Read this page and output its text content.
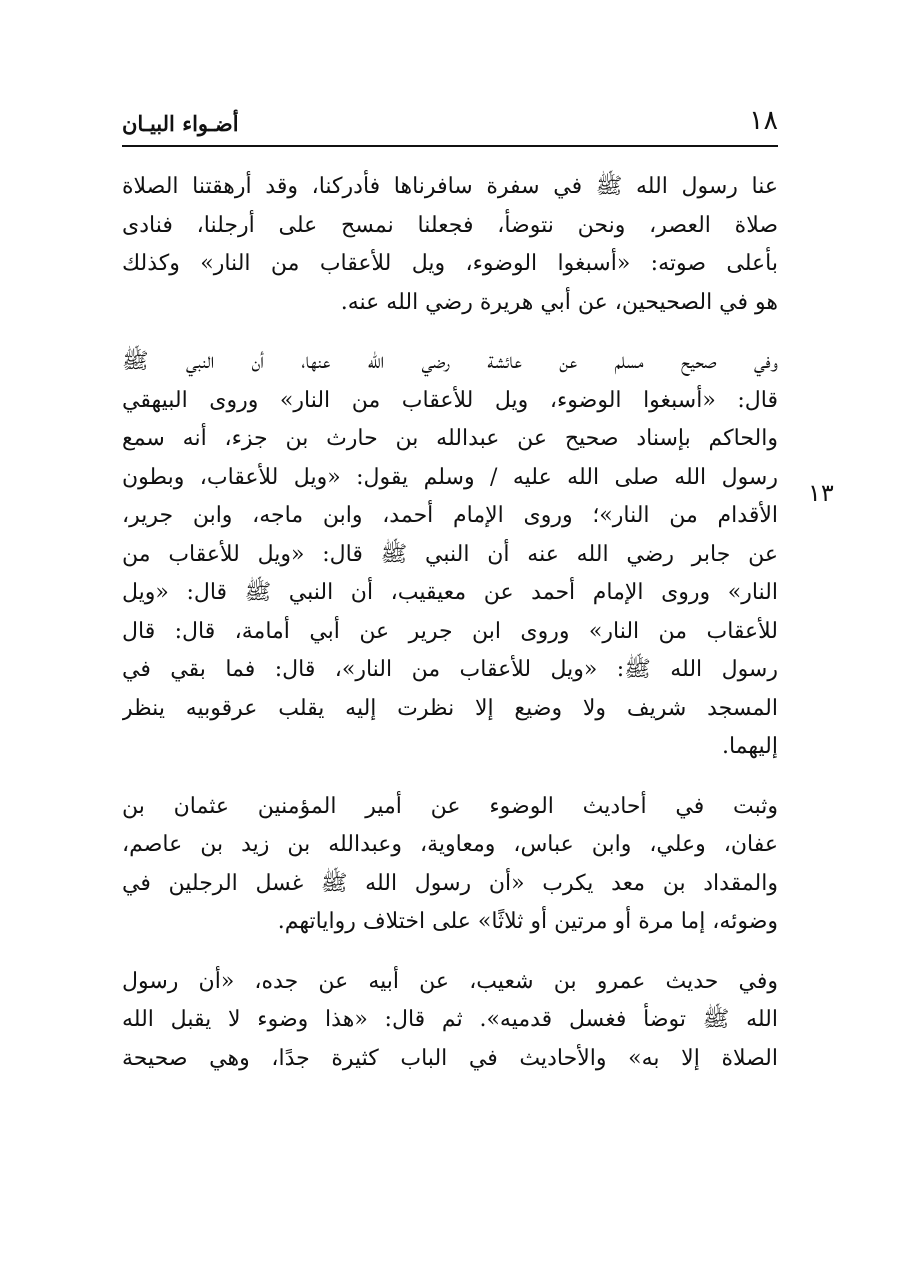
١٨
أضـواء البيـان
١٣
عنا رسول الله ﷺ في سفرة سافرناها فأدركنا، وقد أرهقتنا الصلاة
صلاة العصر، ونحن نتوضأ، فجعلنا نمسح على أرجلنا، فنادى
بأعلى صوته: «أسبغوا الوضوء، ويل للأعقاب من النار» وكذلك
هو في الصحيحين، عن أبي هريرة رضي الله عنه.
وفي صحيح مسلم عن عائشة رضي الله عنها، أن النبي ﷺ
قال: «أسبغوا الوضوء، ويل للأعقاب من النار» وروى البيهقي
والحاكم بإسناد صحيح عن عبدالله بن حارث بن جزء، أنه سمع
رسول الله صلى الله عليه / وسلم يقول: «ويل للأعقاب، وبطون
الأقدام من النار»؛ وروى الإمام أحمد، وابن ماجه، وابن جرير،
عن جابر رضي الله عنه أن النبي ﷺ قال: «ويل للأعقاب من
النار» وروى الإمام أحمد عن معيقيب، أن النبي ﷺ قال: «ويل
للأعقاب من النار» وروى ابن جرير عن أبي أمامة، قال: قال
رسول الله ﷺ: «ويل للأعقاب من النار»، قال: فما بقي في
المسجد شريف ولا وضيع إلا نظرت إليه يقلب عرقوبيه ينظر
إليهما.
وثبت في أحاديث الوضوء عن أمير المؤمنين عثمان بن
عفان، وعلي، وابن عباس، ومعاوية، وعبدالله بن زيد بن عاصم،
والمقداد بن معد يكرب «أن رسول الله ﷺ غسل الرجلين في
وضوئه، إما مرة أو مرتين أو ثلاثًا» على اختلاف رواياتهم.
وفي حديث عمرو بن شعيب، عن أبيه عن جده، «أن رسول
الله ﷺ توضأ فغسل قدميه». ثم قال: «هذا وضوء لا يقبل الله
الصلاة إلا به» والأحاديث في الباب كثيرة جدًا، وهي صحيحة
